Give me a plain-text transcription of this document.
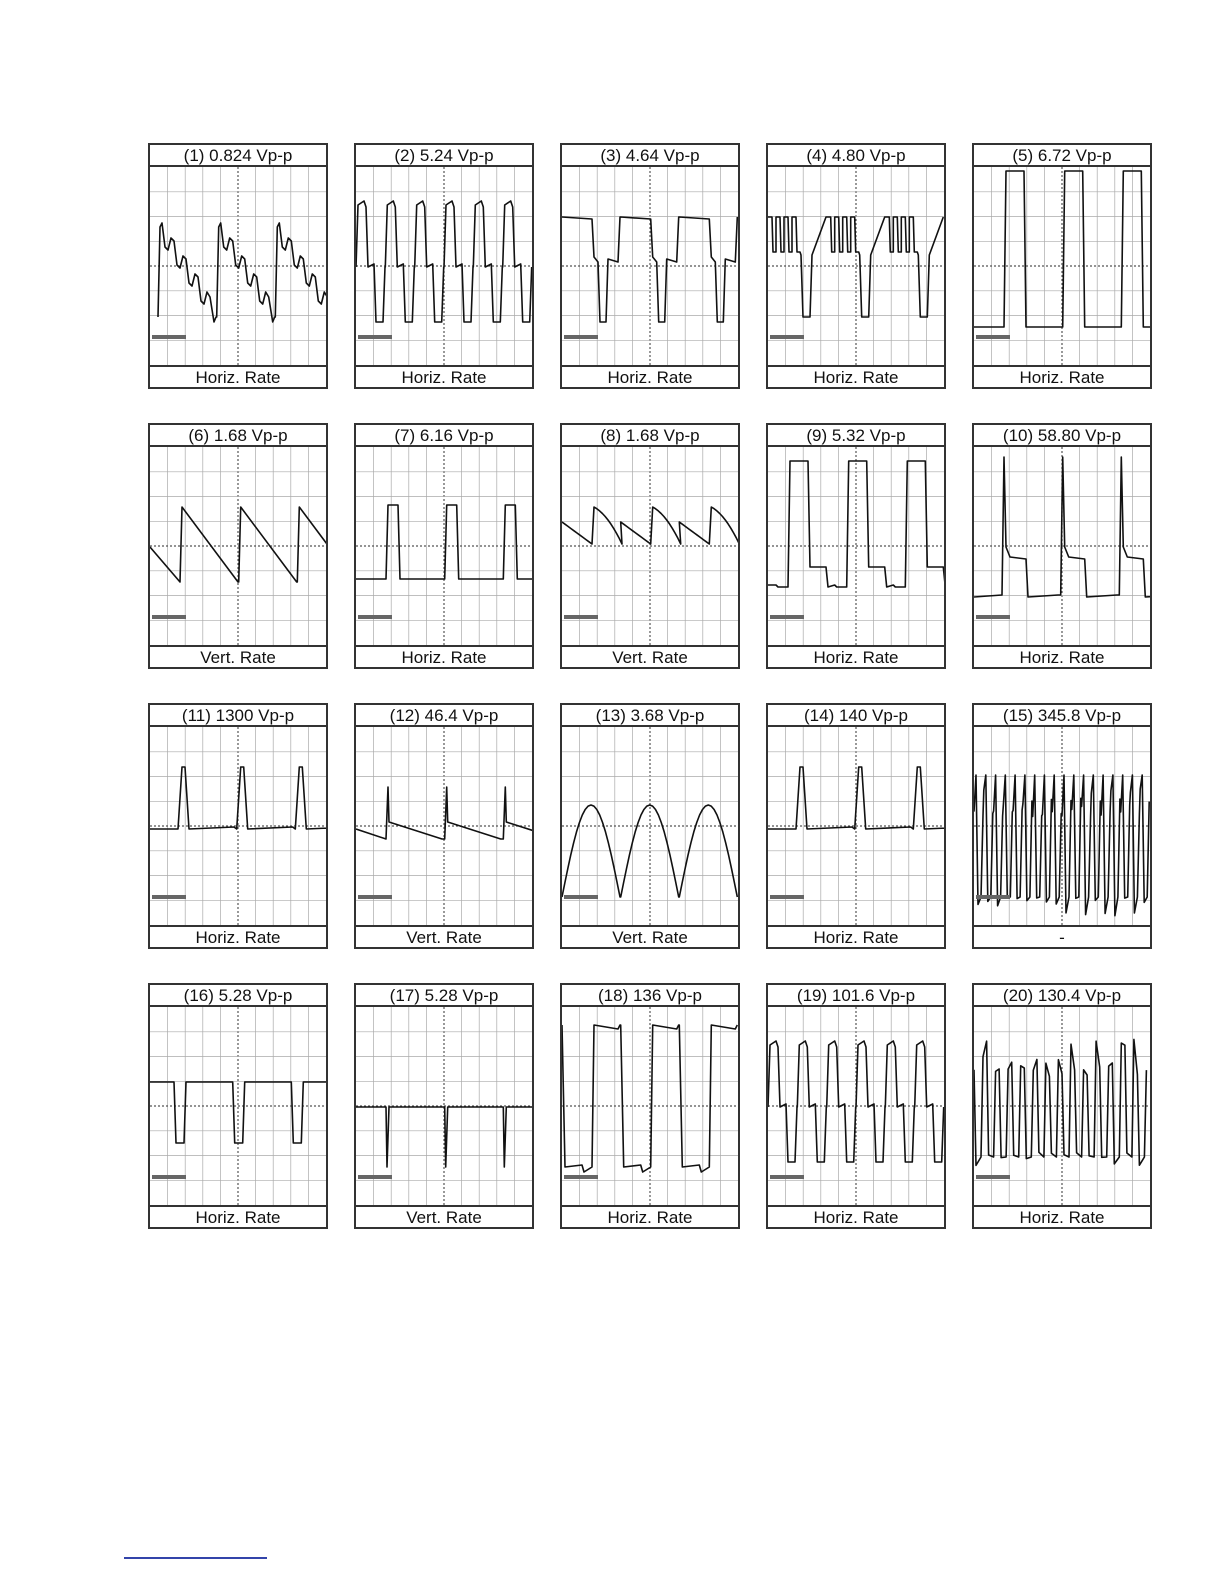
(1) 0.824 Vp-p
Horiz. Rate
(2) 5.24 Vp-p
Horiz. Rate
(3) 4.64 Vp-p
Horiz. Rate
(4) 4.80 Vp-p
Horiz. Rate
(5) 6.72 Vp-p
Horiz. Rate
(6) 1.68 Vp-p
Vert. Rate
(7) 6.16 Vp-p
Horiz. Rate
(8) 1.68 Vp-p
Vert. Rate
(9) 5.32 Vp-p
Horiz. Rate
(10) 58.80 Vp-p
Horiz. Rate
(11) 1300 Vp-p
Horiz. Rate
(12) 46.4 Vp-p
Vert. Rate
(13) 3.68 Vp-p
Vert. Rate
(14) 140 Vp-p
Horiz. Rate
(15) 345.8 Vp-p
-
(16) 5.28 Vp-p
Horiz. Rate
(17) 5.28 Vp-p
Vert. Rate
(18) 136 Vp-p
Horiz. Rate
(19) 101.6 Vp-p
Horiz. Rate
(20) 130.4 Vp-p
Horiz. Rate
